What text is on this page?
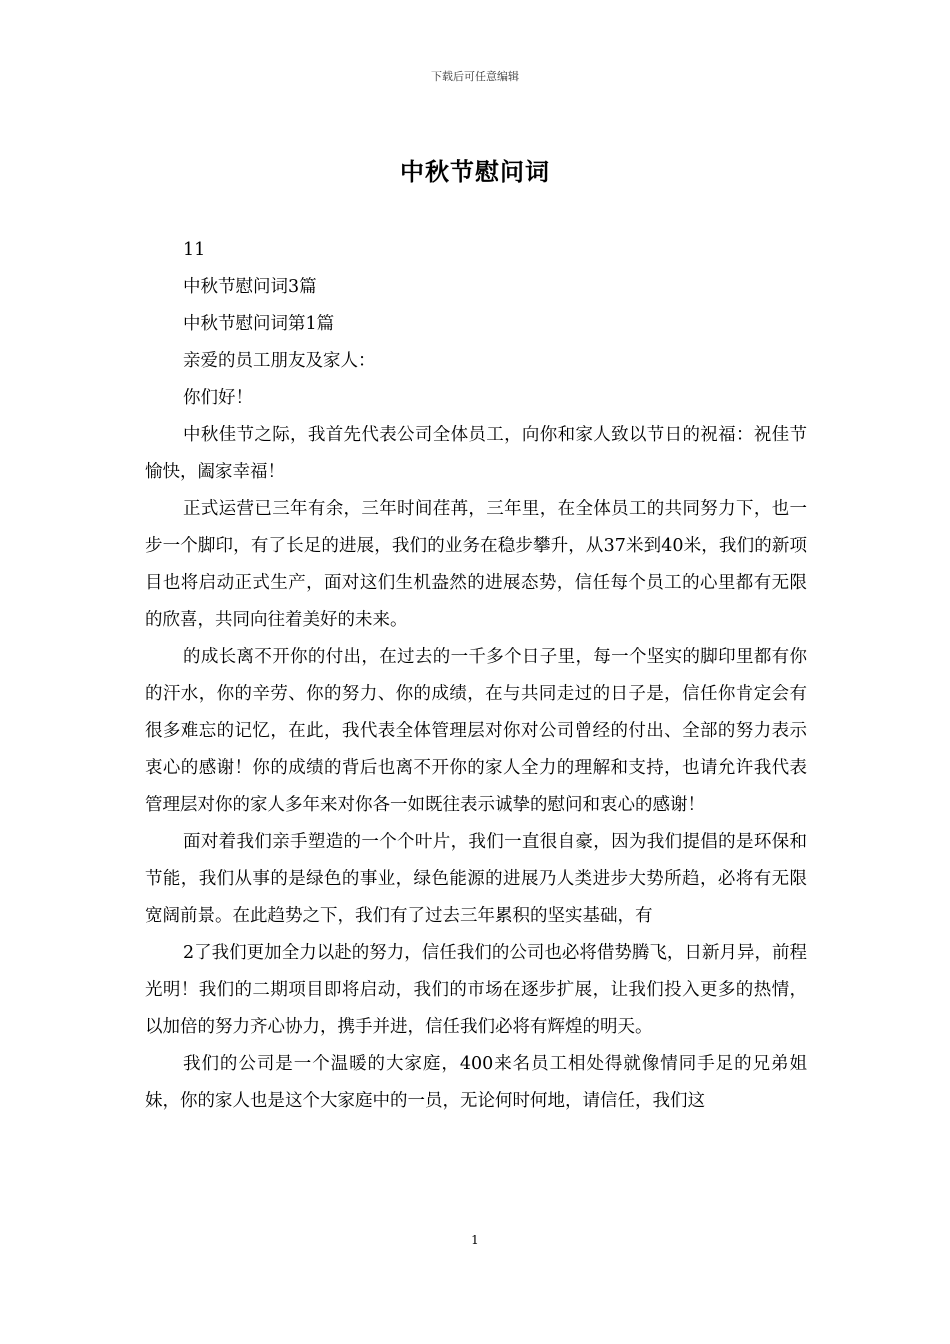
下载后可任意编辑
中秋节慰问词

11

中秋节慰问词3篇

中秋节慰问词第1篇

亲爱的员工朋友及家人：

你们好！

中秋佳节之际，我首先代表公司全体员工，向你和家人致以节日的祝福：祝佳节愉快，阖家幸福！

正式运营已三年有余，三年时间荏苒，三年里，在全体员工的共同努力下，也一步一个脚印，有了长足的进展，我们的业务在稳步攀升，从37米到40米，我们的新项目也将启动正式生产，面对这们生机盎然的进展态势，信任每个员工的心里都有无限的欣喜，共同向往着美好的未来。

的成长离不开你的付出，在过去的一千多个日子里，每一个坚实的脚印里都有你的汗水，你的辛劳、你的努力、你的成绩，在与共同走过的日子是，信任你肯定会有很多难忘的记忆，在此，我代表全体管理层对你对公司曾经的付出、全部的努力表示衷心的感谢！你的成绩的背后也离不开你的家人全力的理解和支持，也请允许我代表管理层对你的家人多年来对你各一如既往表示诚挚的慰问和衷心的感谢！

面对着我们亲手塑造的一个个叶片，我们一直很自豪，因为我们提倡的是环保和节能，我们从事的是绿色的事业，绿色能源的进展乃人类进步大势所趋，必将有无限宽阔前景。在此趋势之下，我们有了过去三年累积的坚实基础，有

2了我们更加全力以赴的努力，信任我们的公司也必将借势腾飞，日新月异，前程光明！我们的二期项目即将启动，我们的市场在逐步扩展，让我们投入更多的热情，以加倍的努力齐心协力，携手并进，信任我们必将有辉煌的明天。

我们的公司是一个温暖的大家庭，400来名员工相处得就像情同手足的兄弟姐妹，你的家人也是这个大家庭中的一员，无论何时何地，请信任，我们这

1
